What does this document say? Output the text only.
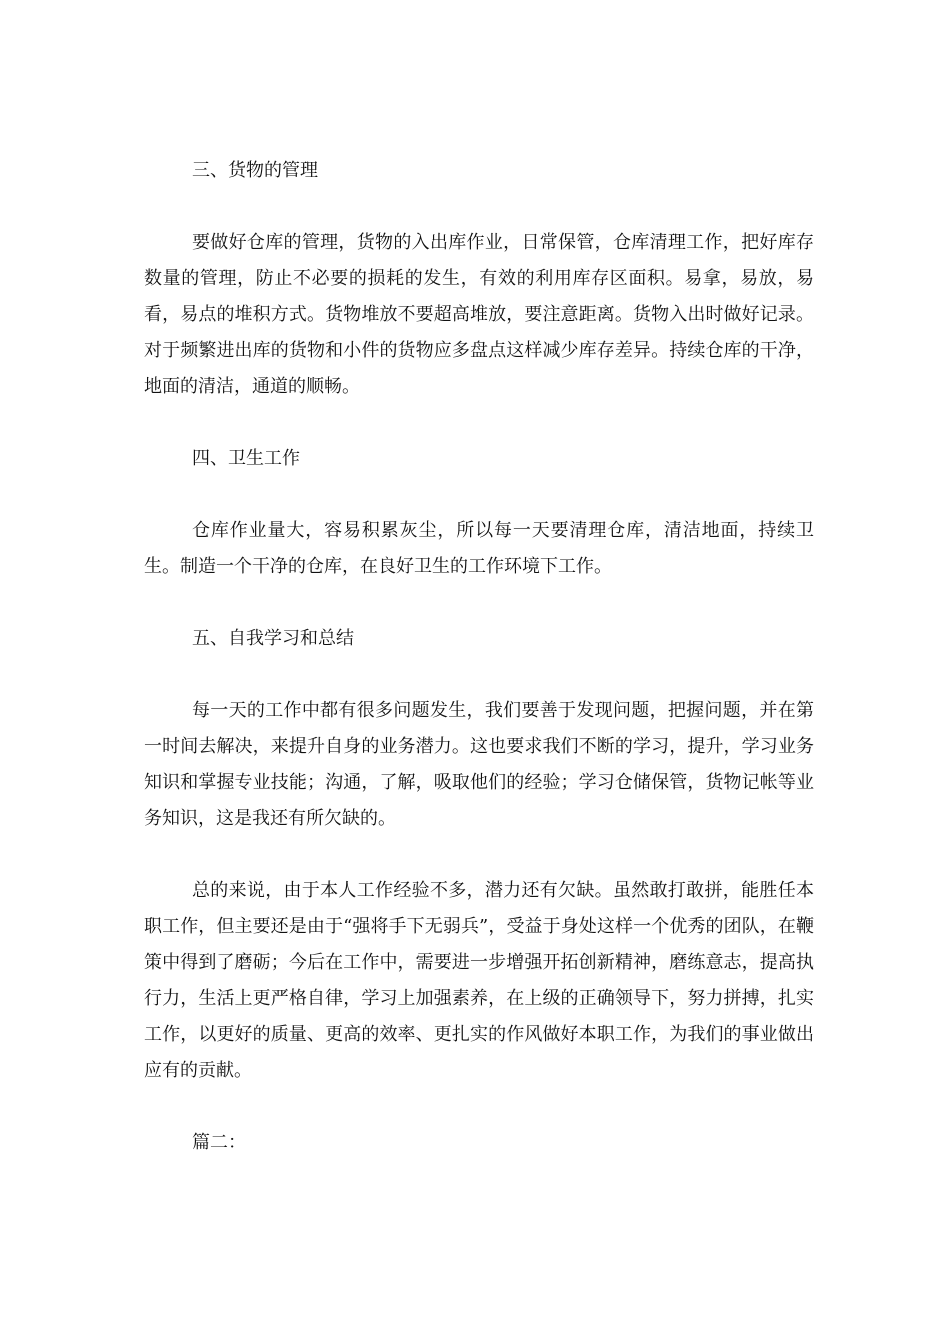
三、货物的管理

要做好仓库的管理，货物的入出库作业，日常保管，仓库清理工作，把好库存数量的管理，防止不必要的损耗的发生，有效的利用库存区面积。易拿，易放，易看，易点的堆积方式。货物堆放不要超高堆放，要注意距离。货物入出时做好记录。对于频繁进出库的货物和小件的货物应多盘点这样减少库存差异。持续仓库的干净，地面的清洁，通道的顺畅。

四、卫生工作

仓库作业量大，容易积累灰尘，所以每一天要清理仓库，清洁地面，持续卫生。制造一个干净的仓库，在良好卫生的工作环境下工作。

五、自我学习和总结

每一天的工作中都有很多问题发生，我们要善于发现问题，把握问题，并在第一时间去解决，来提升自身的业务潜力。这也要求我们不断的学习，提升，学习业务知识和掌握专业技能；沟通，了解，吸取他们的经验；学习仓储保管，货物记帐等业务知识，这是我还有所欠缺的。

总的来说，由于本人工作经验不多，潜力还有欠缺。虽然敢打敢拼，能胜任本职工作，但主要还是由于“强将手下无弱兵”，受益于身处这样一个优秀的团队，在鞭策中得到了磨砺；今后在工作中，需要进一步增强开拓创新精神，磨练意志，提高执行力，生活上更严格自律，学习上加强素养，在上级的正确领导下，努力拼搏，扎实工作，以更好的质量、更高的效率、更扎实的作风做好本职工作，为我们的事业做出应有的贡献。

篇二：
